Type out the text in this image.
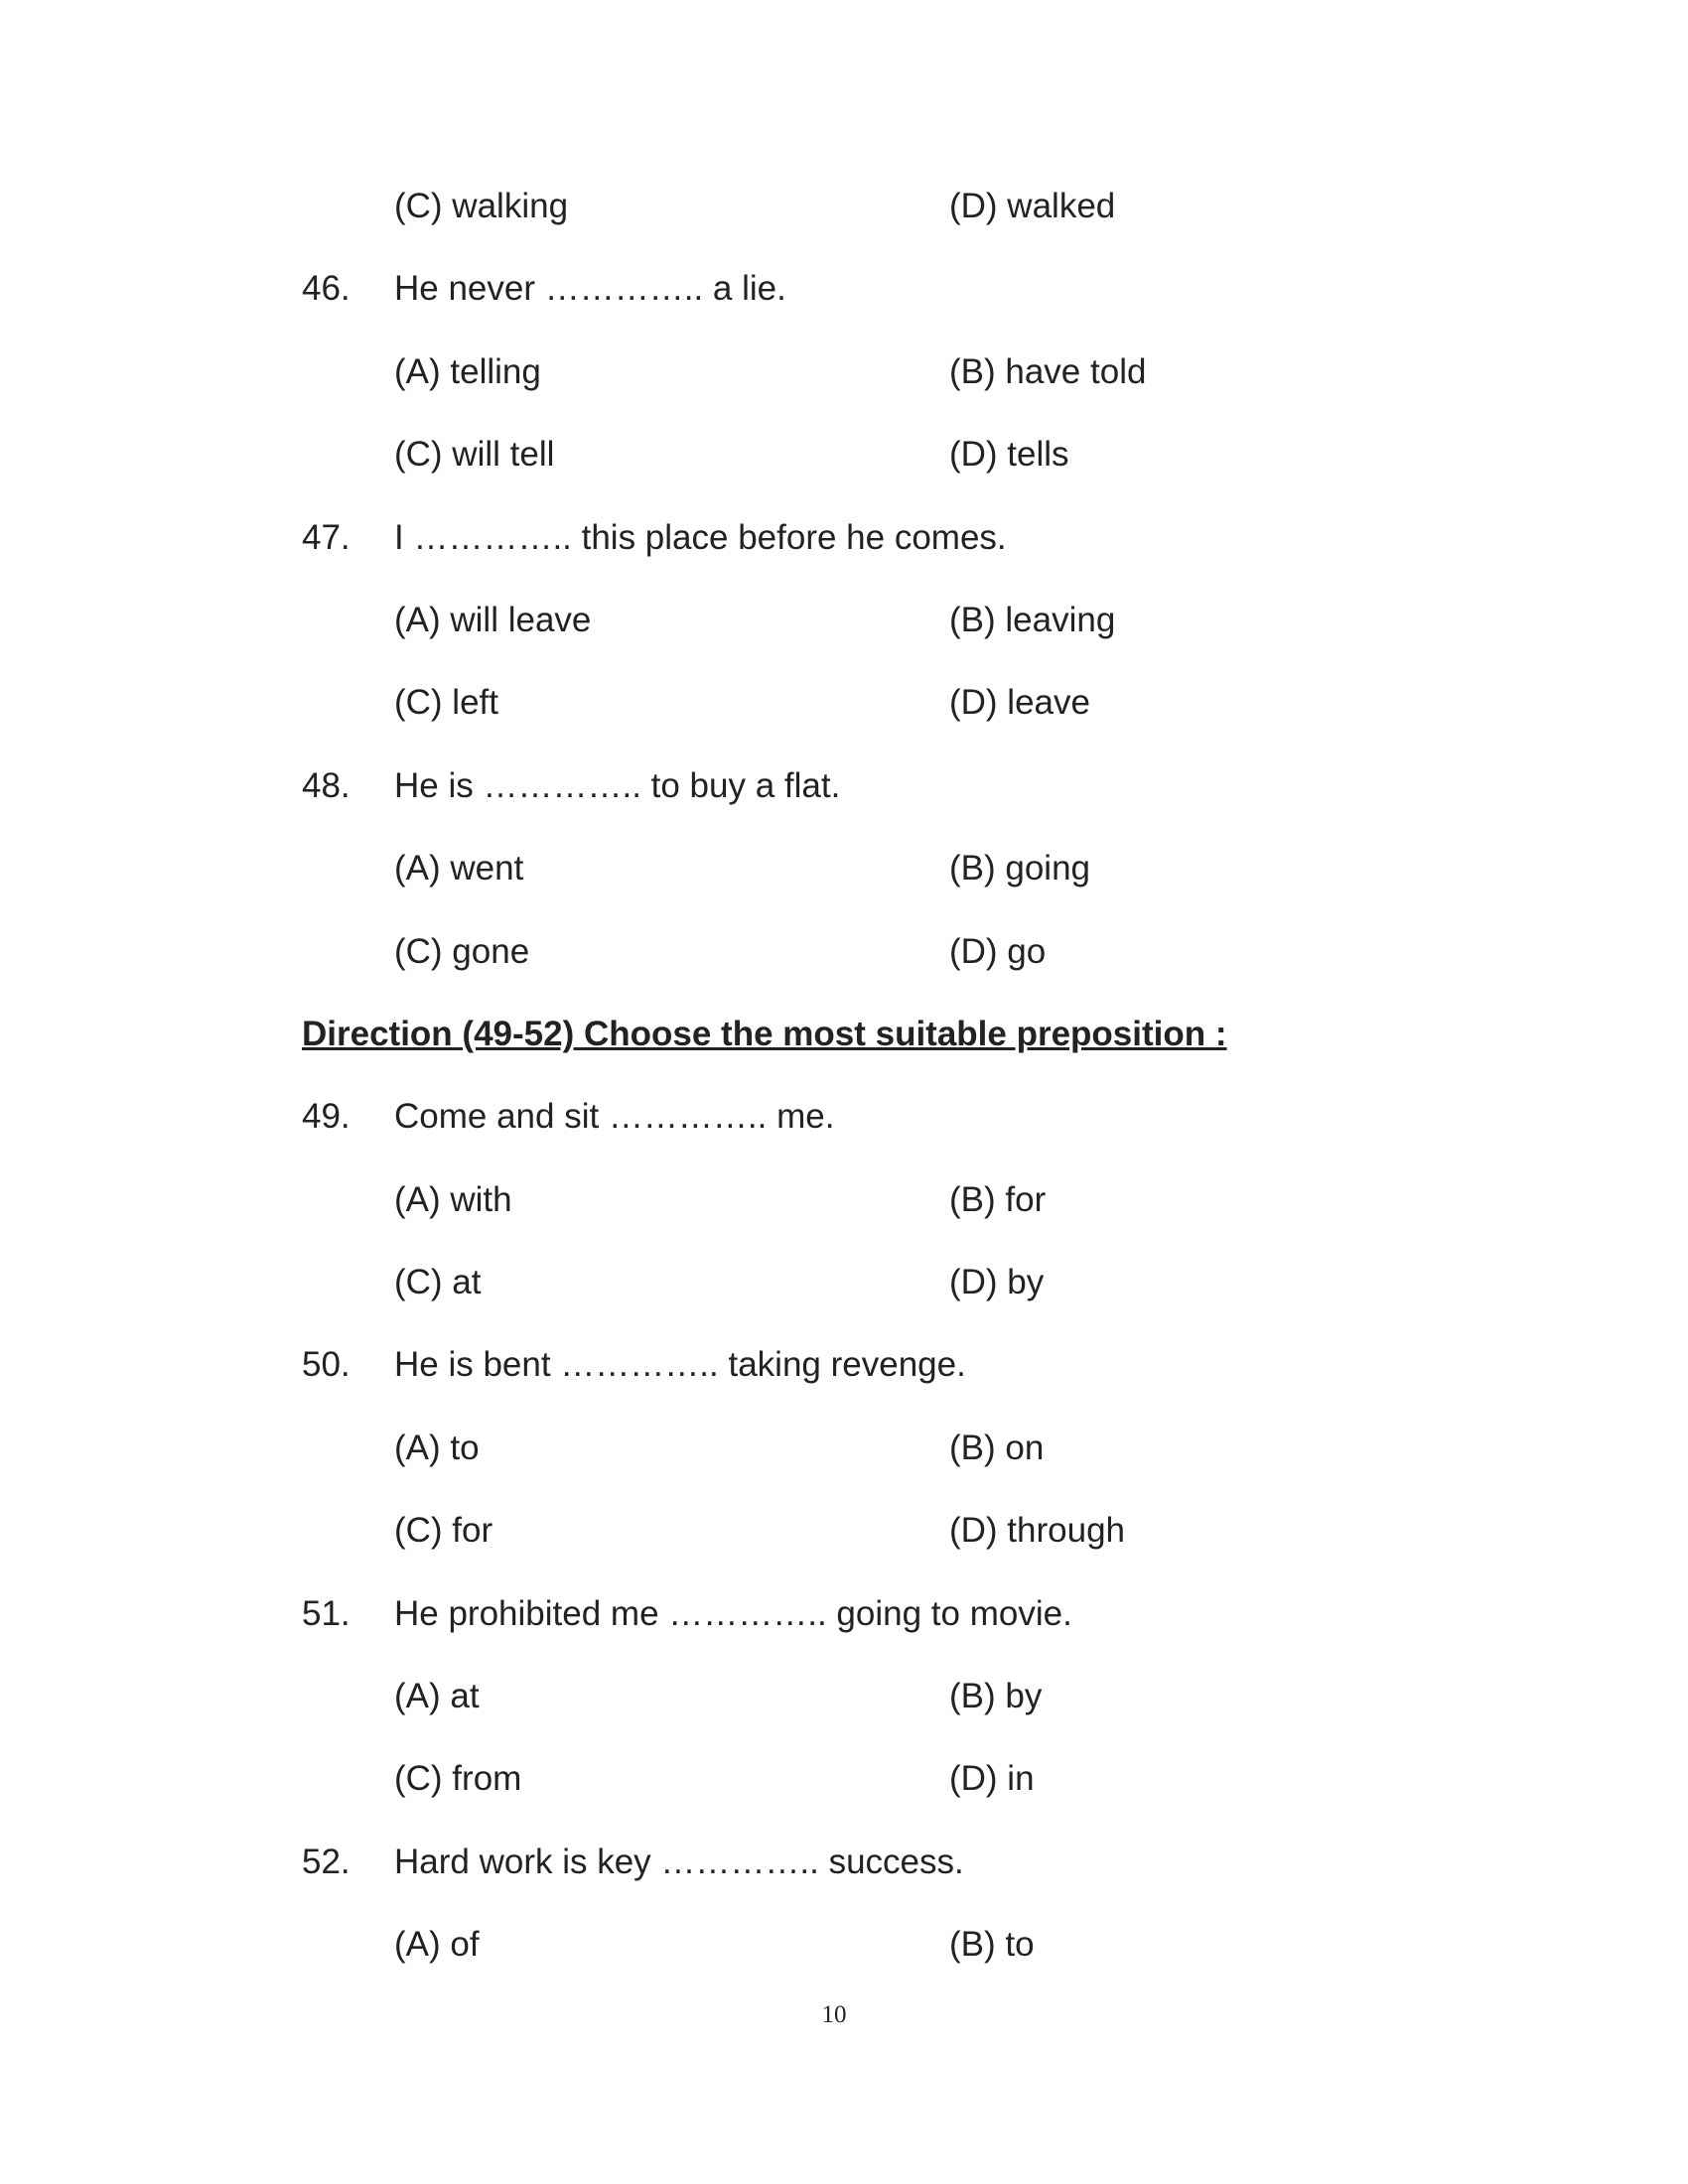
(C) walking	(D) walked
46. He never ………….. a lie.
(A) telling	(B) have told
(C) will tell	(D) tells
47. I ………….. this place before he comes.
(A) will leave	(B) leaving
(C) left	(D) leave
48. He is ………….. to buy a flat.
(A) went	(B) going
(C) gone	(D) go
Direction (49-52) Choose the most suitable preposition :
49. Come and sit ………….. me.
(A) with	(B) for
(C) at	(D) by
50. He is bent ………….. taking revenge.
(A) to	(B) on
(C) for	(D) through
51. He prohibited me ………….. going to movie.
(A) at	(B) by
(C) from	(D) in
52. Hard work is key ………….. success.
(A) of	(B) to
10
